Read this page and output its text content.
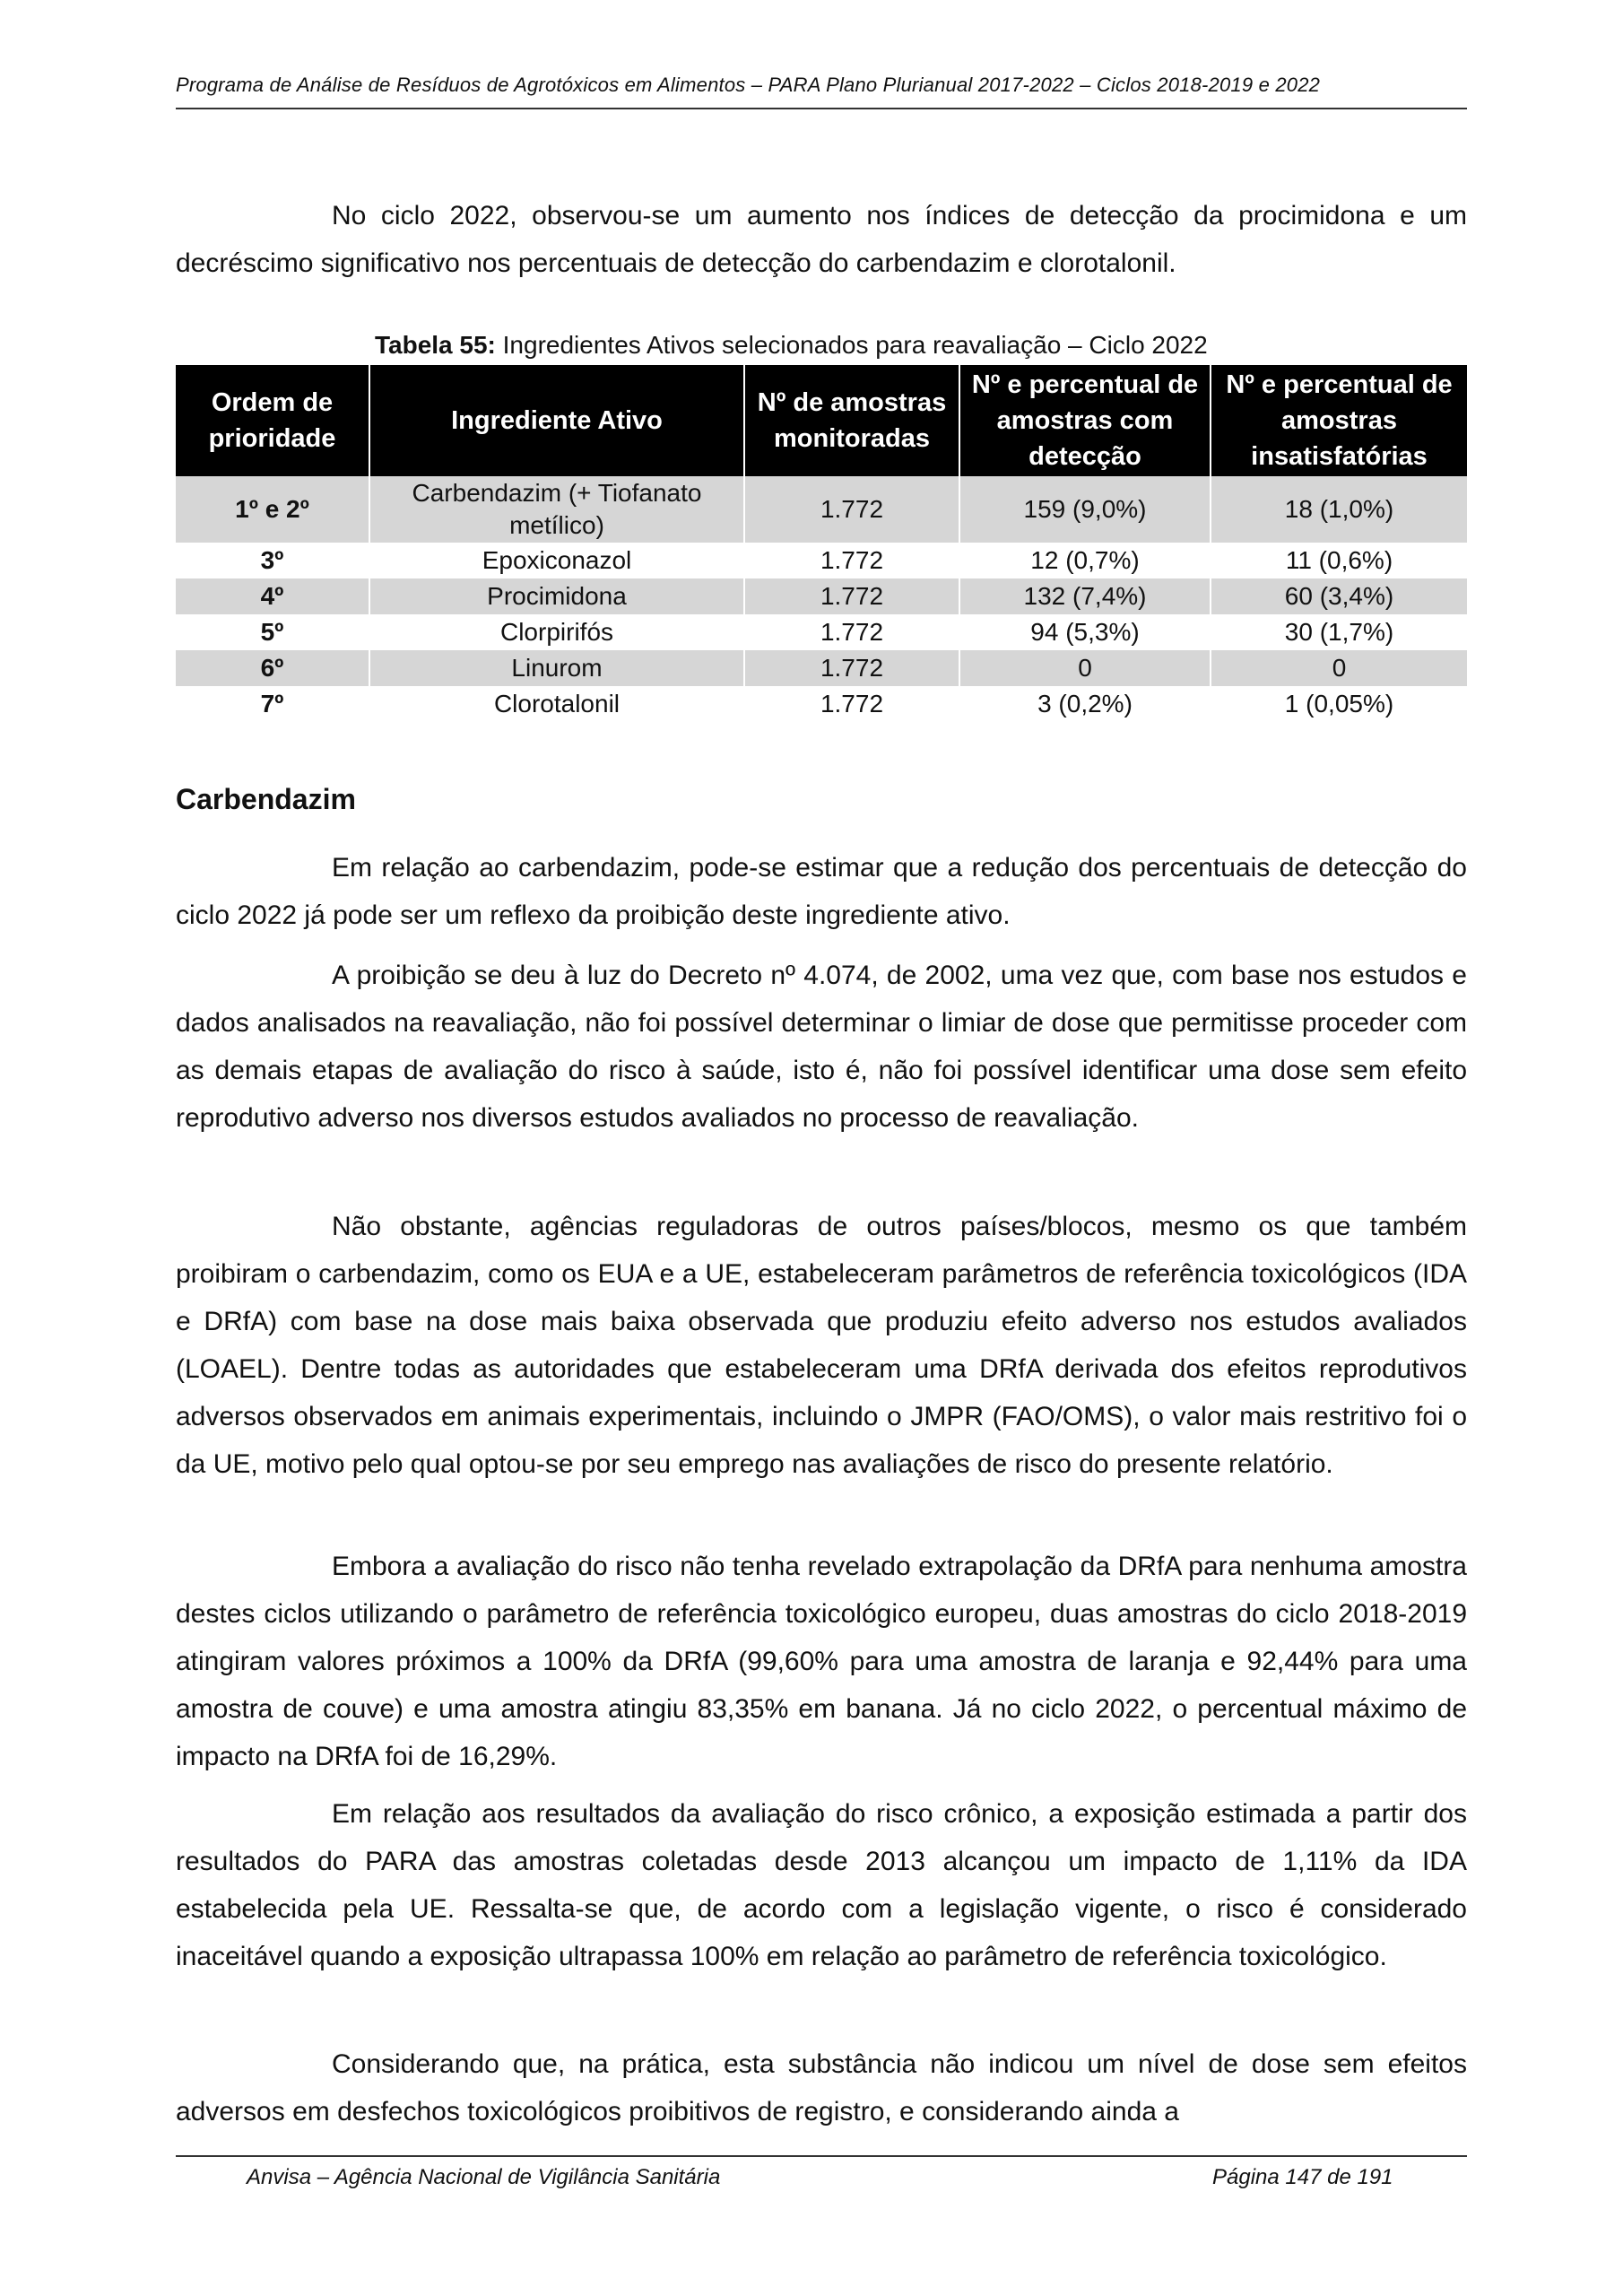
Programa de Análise de Resíduos de Agrotóxicos em Alimentos – PARA Plano Plurianual 2017-2022 – Ciclos 2018-2019 e 2022

No ciclo 2022, observou-se um aumento nos índices de detecção da procimidona e um decréscimo significativo nos percentuais de detecção do carbendazim e clorotalonil.

Tabela 55: Ingredientes Ativos selecionados para reavaliação – Ciclo 2022
Ordem de prioridade	Ingrediente Ativo	Nº de amostras monitoradas	Nº e percentual de amostras com detecção	Nº e percentual de amostras insatisfatórias
1º e 2º	Carbendazim (+ Tiofanato metílico)	1.772	159 (9,0%)	18 (1,0%)
3º	Epoxiconazol	1.772	12 (0,7%)	11 (0,6%)
4º	Procimidona	1.772	132 (7,4%)	60 (3,4%)
5º	Clorpirifós	1.772	94 (5,3%)	30 (1,7%)
6º	Linurom	1.772	0	0
7º	Clorotalonil	1.772	3 (0,2%)	1 (0,05%)
Carbendazim

Em relação ao carbendazim, pode-se estimar que a redução dos percentuais de detecção do ciclo 2022 já pode ser um reflexo da proibição deste ingrediente ativo.

A proibição se deu à luz do Decreto nº 4.074, de 2002, uma vez que, com base nos estudos e dados analisados na reavaliação, não foi possível determinar o limiar de dose que permitisse proceder com as demais etapas de avaliação do risco à saúde, isto é, não foi possível identificar uma dose sem efeito reprodutivo adverso nos diversos estudos avaliados no processo de reavaliação.

Não obstante, agências reguladoras de outros países/blocos, mesmo os que também proibiram o carbendazim, como os EUA e a UE, estabeleceram parâmetros de referência toxicológicos (IDA e DRfA) com base na dose mais baixa observada que produziu efeito adverso nos estudos avaliados (LOAEL). Dentre todas as autoridades que estabeleceram uma DRfA derivada dos efeitos reprodutivos adversos observados em animais experimentais, incluindo o JMPR (FAO/OMS), o valor mais restritivo foi o da UE, motivo pelo qual optou-se por seu emprego nas avaliações de risco do presente relatório.

Embora a avaliação do risco não tenha revelado extrapolação da DRfA para nenhuma amostra destes ciclos utilizando o parâmetro de referência toxicológico europeu, duas amostras do ciclo 2018-2019 atingiram valores próximos a 100% da DRfA (99,60% para uma amostra de laranja e 92,44% para uma amostra de couve) e uma amostra atingiu 83,35% em banana. Já no ciclo 2022, o percentual máximo de impacto na DRfA foi de 16,29%.

Em relação aos resultados da avaliação do risco crônico, a exposição estimada a partir dos resultados do PARA das amostras coletadas desde 2013 alcançou um impacto de 1,11% da IDA estabelecida pela UE. Ressalta-se que, de acordo com a legislação vigente, o risco é considerado inaceitável quando a exposição ultrapassa 100% em relação ao parâmetro de referência toxicológico.

Considerando que, na prática, esta substância não indicou um nível de dose sem efeitos adversos em desfechos toxicológicos proibitivos de registro, e considerando ainda a

Anvisa – Agência Nacional de Vigilância Sanitária	Página 147 de 191
